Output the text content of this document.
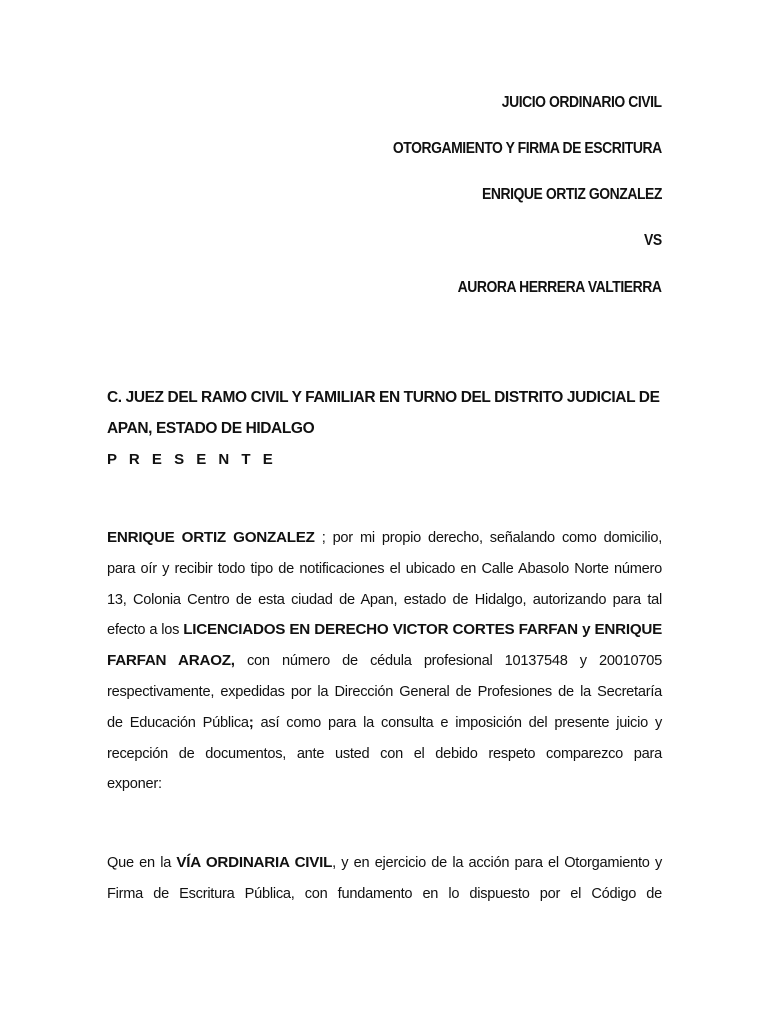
JUICIO ORDINARIO CIVIL
OTORGAMIENTO Y FIRMA DE ESCRITURA
ENRIQUE ORTIZ GONZALEZ
VS
AURORA HERRERA VALTIERRA
C. JUEZ DEL RAMO CIVIL Y FAMILIAR EN TURNO DEL DISTRITO JUDICIAL DE
APAN, ESTADO DE HIDALGO
P R E S E N T E
ENRIQUE ORTIZ GONZALEZ ; por mi propio derecho, señalando como domicilio,
para oír y recibir todo tipo de notificaciones el ubicado en Calle Abasolo Norte número
13, Colonia Centro de esta ciudad de Apan, estado de Hidalgo, autorizando para tal
efecto a los LICENCIADOS EN DERECHO VICTOR CORTES FARFAN y ENRIQUE
FARFAN ARAOZ, con número de cédula profesional 10137548 y 20010705
respectivamente, expedidas por la Dirección General de Profesiones de la Secretaría
de Educación Pública; así como para la consulta e imposición del presente juicio y
recepción de documentos, ante usted con el debido respeto comparezco para
exponer:
Que en la VÍA ORDINARIA CIVIL, y en ejercicio de la acción para el Otorgamiento y
Firma de Escritura Pública, con fundamento en lo dispuesto por el Código de
